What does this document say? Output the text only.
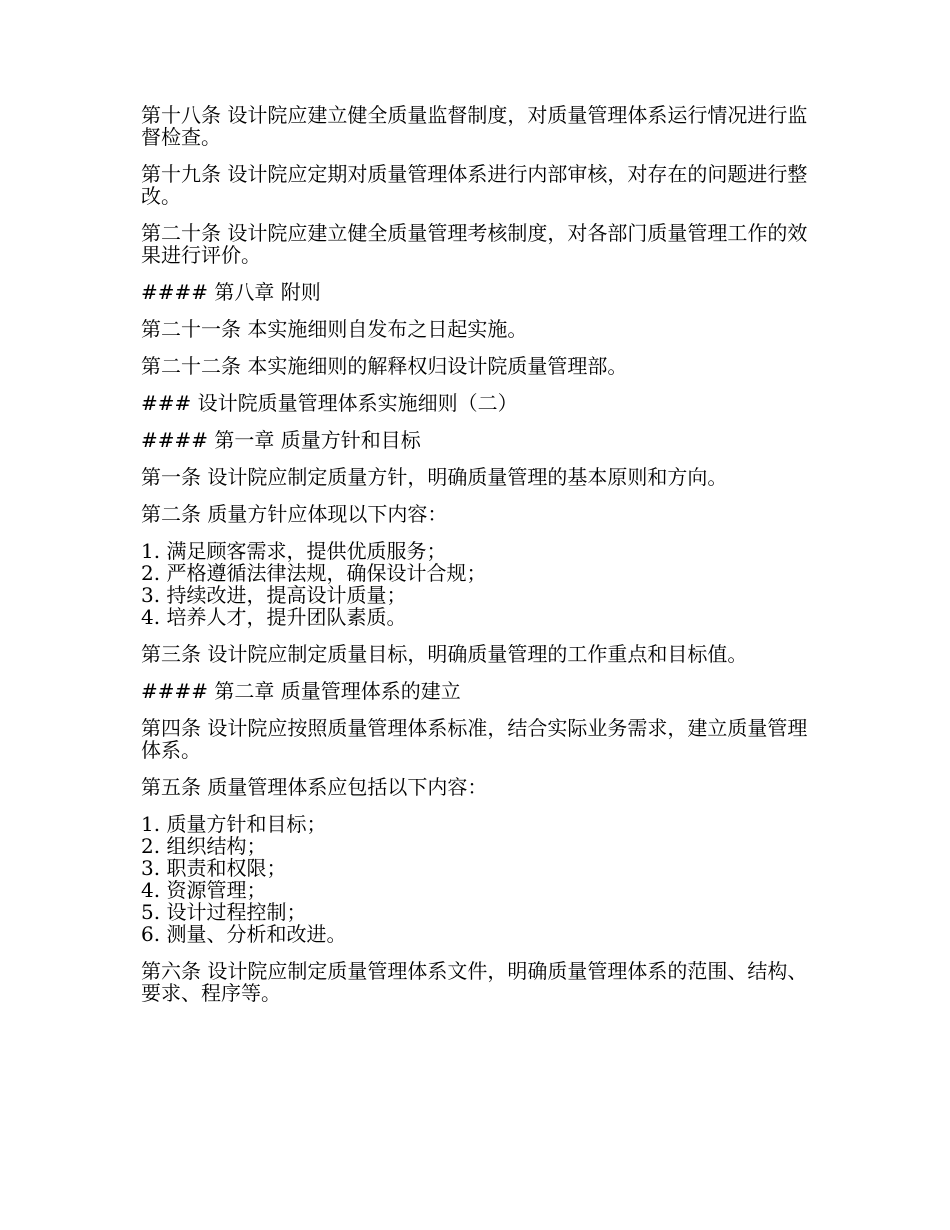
第十八条 设计院应建立健全质量监督制度，对质量管理体系运行情况进行监督检查。

第十九条 设计院应定期对质量管理体系进行内部审核，对存在的问题进行整改。

第二十条 设计院应建立健全质量管理考核制度，对各部门质量管理工作的效果进行评价。

#### 第八章 附则

第二十一条 本实施细则自发布之日起实施。

第二十二条 本实施细则的解释权归设计院质量管理部。

### 设计院质量管理体系实施细则（二）

#### 第一章 质量方针和目标

第一条 设计院应制定质量方针，明确质量管理的基本原则和方向。

第二条 质量方针应体现以下内容：

1. 满足顾客需求，提供优质服务；
2. 严格遵循法律法规，确保设计合规；
3. 持续改进，提高设计质量；
4. 培养人才，提升团队素质。

第三条 设计院应制定质量目标，明确质量管理的工作重点和目标值。

#### 第二章 质量管理体系的建立

第四条 设计院应按照质量管理体系标准，结合实际业务需求，建立质量管理体系。

第五条 质量管理体系应包括以下内容：

1. 质量方针和目标；
2. 组织结构；
3. 职责和权限；
4. 资源管理；
5. 设计过程控制；
6. 测量、分析和改进。

第六条 设计院应制定质量管理体系文件，明确质量管理体系的范围、结构、要求、程序等。
